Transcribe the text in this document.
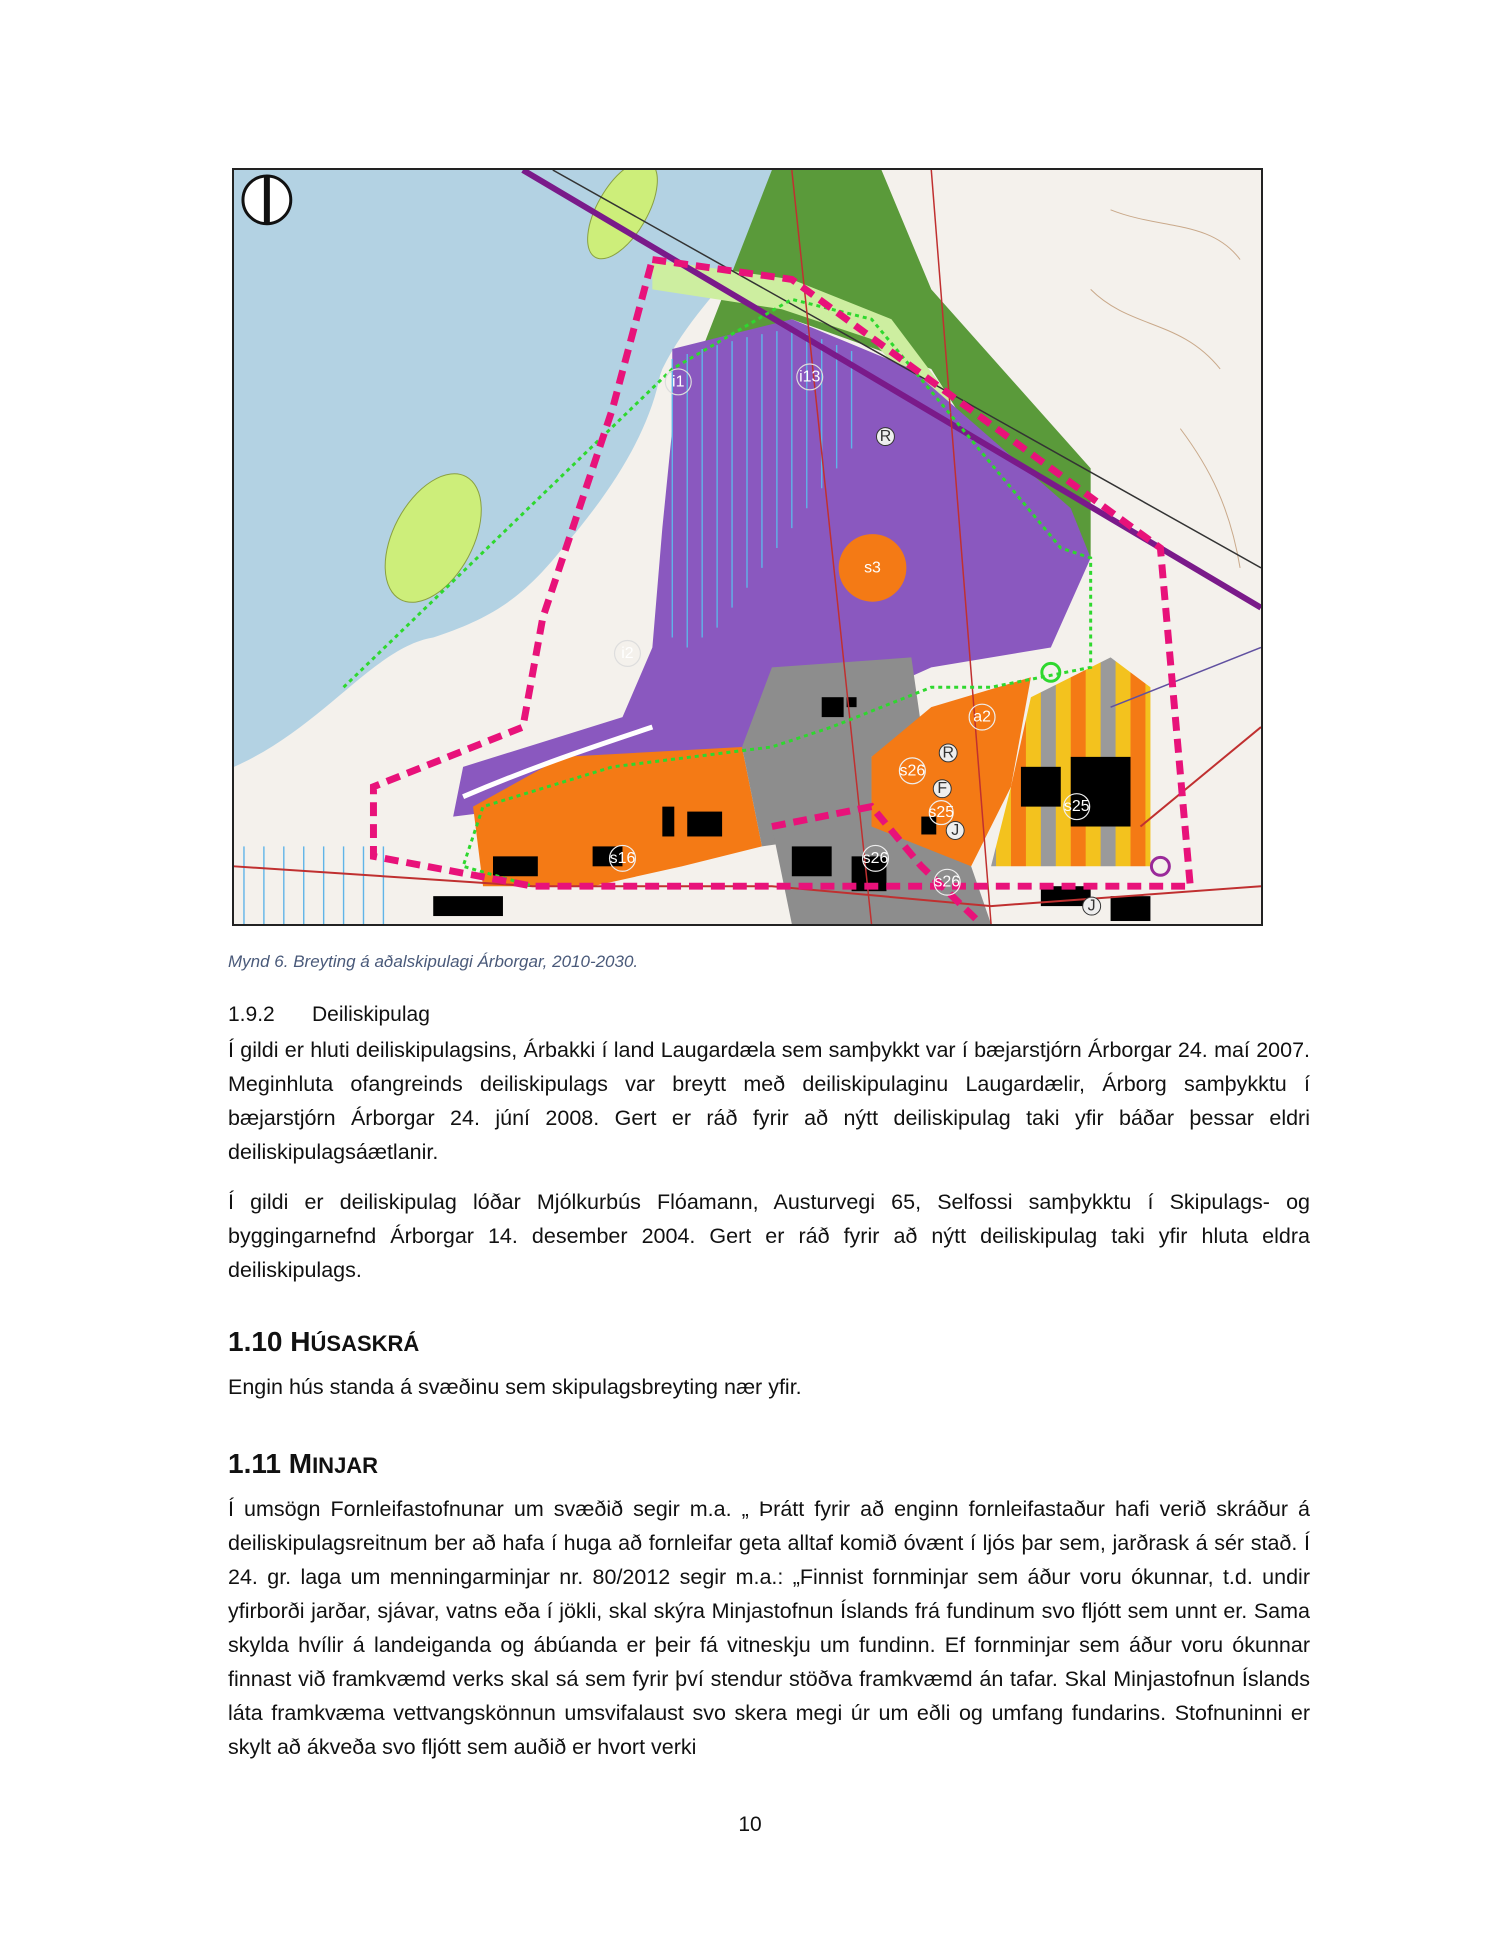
i1	i13
R
s3
i2
a2
R
s26
F
s25
J
s16	s26
s26
s25
J
Mynd 6. Breyting á aðalskipulagi Árborgar, 2010-2030.
1.9.2 Deiliskipulag

Í gildi er hluti deiliskipulagsins, Árbakki í land Laugardæla sem samþykkt var í bæjarstjórn Árborgar 24. maí 2007. Meginhluta ofangreinds deiliskipulags var breytt með deiliskipulaginu Laugardælir, Árborg samþykktu í bæjarstjórn Árborgar 24. júní 2008. Gert er ráð fyrir að nýtt deiliskipulag taki yfir báðar þessar eldri deiliskipulagsáætlanir.

Í gildi er deiliskipulag lóðar Mjólkurbús Flóamann, Austurvegi 65, Selfossi samþykktu í Skipulags- og byggingarnefnd Árborgar 14. desember 2004. Gert er ráð fyrir að nýtt deiliskipulag taki yfir hluta eldra deiliskipulags.

1.10 HÚSASKRÁ

Engin hús standa á svæðinu sem skipulagsbreyting nær yfir.

1.11 MINJAR

Í umsögn Fornleifastofnunar um svæðið segir m.a. „ Þrátt fyrir að enginn fornleifastaður hafi verið skráður á deiliskipulagsreitnum ber að hafa í huga að fornleifar geta alltaf komið óvænt í ljós þar sem, jarðrask á sér stað. Í 24. gr. laga um menningarminjar nr. 80/2012 segir m.a.: „Finnist fornminjar sem áður voru ókunnar, t.d. undir yfirborði jarðar, sjávar, vatns eða í jökli, skal skýra Minjastofnun Íslands frá fundinum svo fljótt sem unnt er. Sama skylda hvílir á landeiganda og ábúanda er þeir fá vitneskju um fundinn. Ef fornminjar sem áður voru ókunnar finnast við framkvæmd verks skal sá sem fyrir því stendur stöðva framkvæmd án tafar. Skal Minjastofnun Íslands láta framkvæma vettvangskönnun umsvifalaust svo skera megi úr um eðli og umfang fundarins. Stofnuninni er skylt að ákveða svo fljótt sem auðið er hvort verki

10
